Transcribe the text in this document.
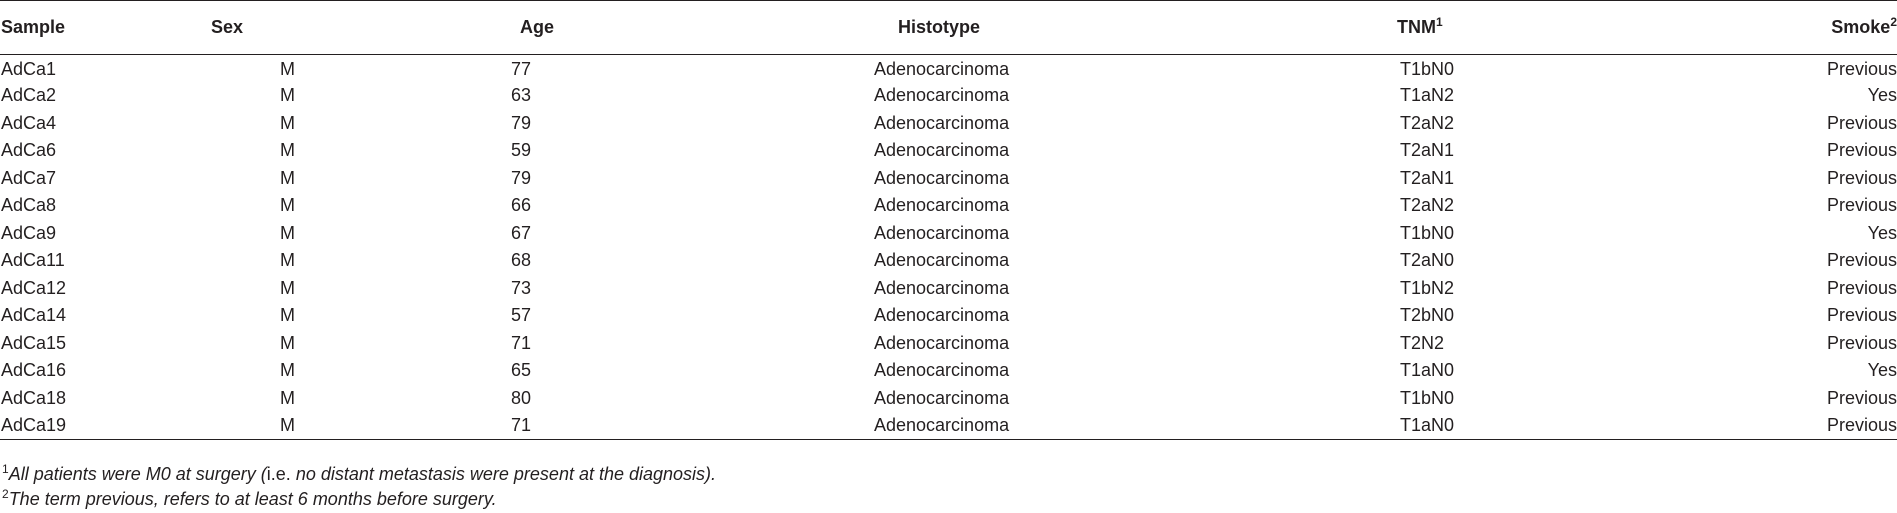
Sample	Sex	Age	Histotype	TNM$^1$	Smoke$^2$
AdCa1	M	77	Adenocarcinoma	T1bN0	Previous
AdCa2	M	63	Adenocarcinoma	T1aN2	Yes
AdCa4	M	79	Adenocarcinoma	T2aN2	Previous
AdCa6	M	59	Adenocarcinoma	T2aN1	Previous
AdCa7	M	79	Adenocarcinoma	T2aN1	Previous
AdCa8	M	66	Adenocarcinoma	T2aN2	Previous
AdCa9	M	67	Adenocarcinoma	T1bN0	Yes
AdCa11	M	68	Adenocarcinoma	T2aN0	Previous
AdCa12	M	73	Adenocarcinoma	T1bN2	Previous
AdCa14	M	57	Adenocarcinoma	T2bN0	Previous
AdCa15	M	71	Adenocarcinoma	T2N2	Previous
AdCa16	M	65	Adenocarcinoma	T1aN0	Yes
AdCa18	M	80	Adenocarcinoma	T1bN0	Previous
AdCa19	M	71	Adenocarcinoma	T1aN0	Previous
$^1$All patients were M0 at surgery (i.e. no distant metastasis were present at the diagnosis).
$^2$The term previous, refers to at least 6 months before surgery.
